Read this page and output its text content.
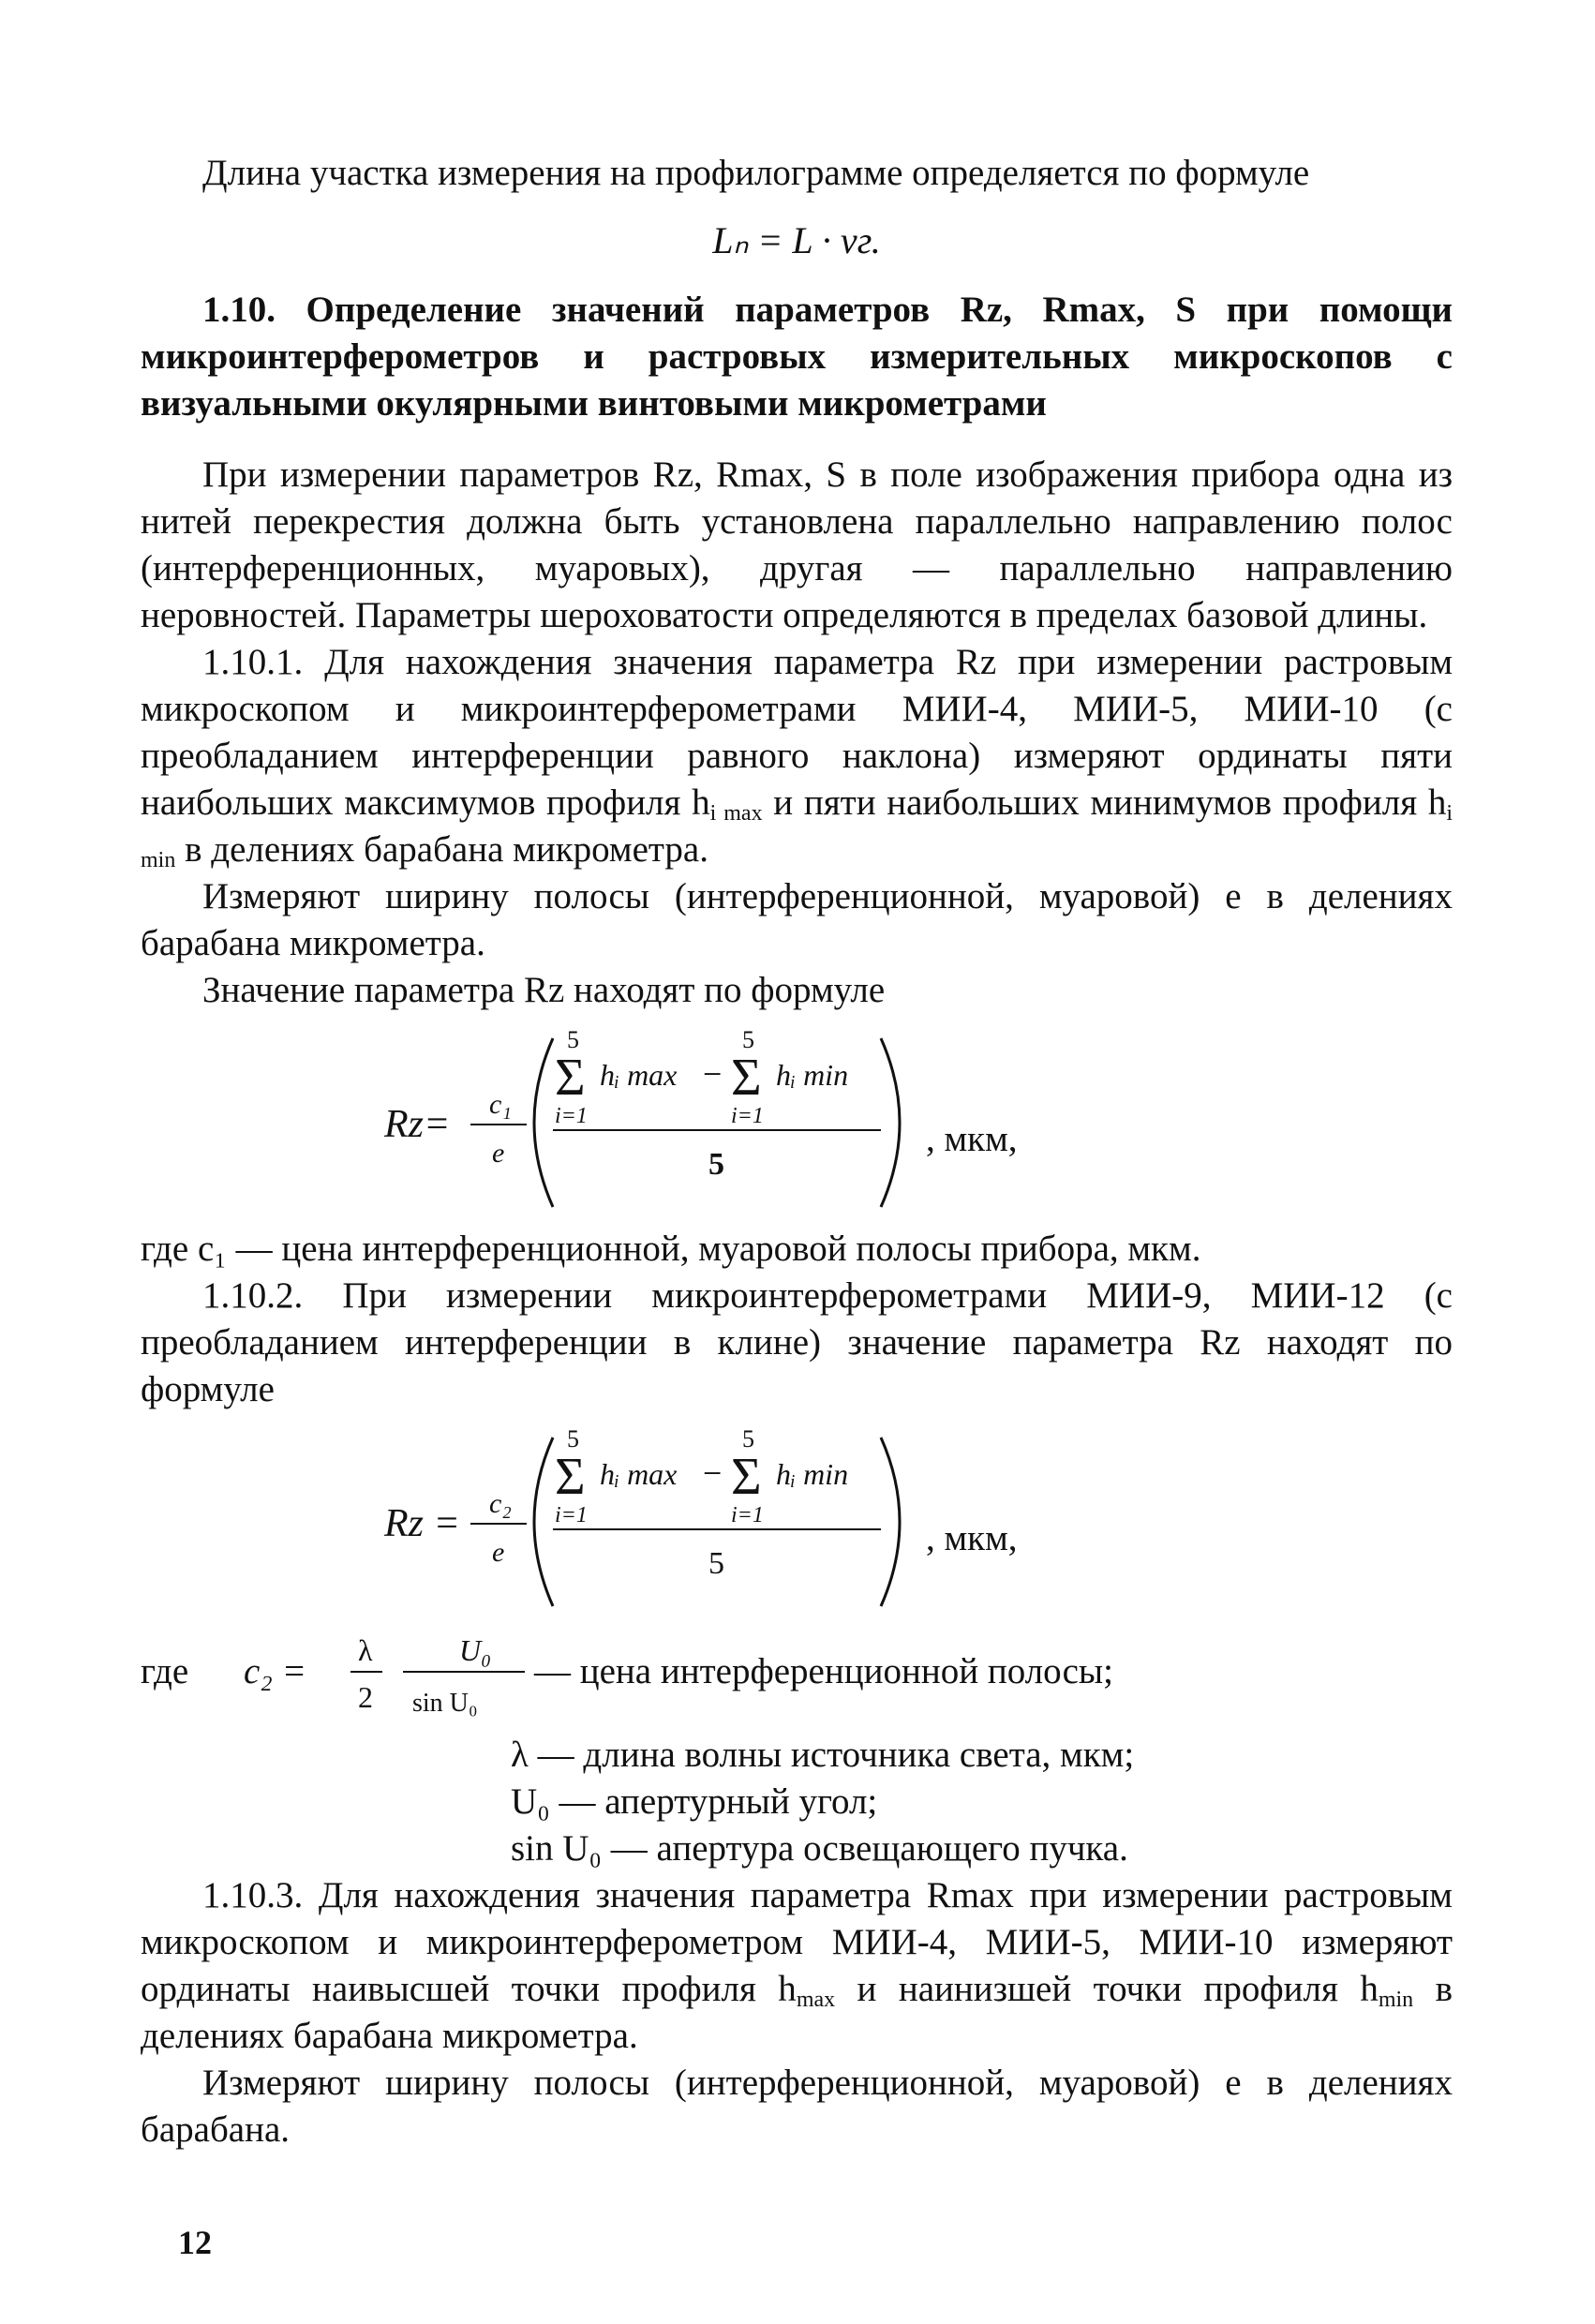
Длина участка измерения на профилограмме определяется по формуле

Lₙ = L · vг.

1.10. Определение значений параметров Rz, Rmax, S при помощи микроинтерферометров и растровых измерительных микроскопов с визуальными окулярными винтовыми микрометрами

При измерении параметров Rz, Rmax, S в поле изображения прибора одна из нитей перекрестия должна быть установлена параллельно направлению полос (интерференционных, муаровых), другая — параллельно направлению неровностей. Параметры шероховатости определяются в пределах базовой длины.

1.10.1. Для нахождения значения параметра Rz при измерении растровым микроскопом и микроинтерферометрами МИИ-4, МИИ-5, МИИ-10 (с преобладанием интерференции равного наклона) измеряют ординаты пяти наибольших максимумов профиля $h_{i max}$ и пяти наибольших минимумов профиля $h_{i min}$ в делениях барабана микрометра.

Измеряют ширину полосы (интерференционной, муаровой) e в делениях барабана микрометра.

Значение параметра Rz находят по формуле

Rz= c₁
e
5
Σ
i=1
hᵢ max −
5
Σ
i=1
hᵢ min
5
, мкм,

где c₁ — цена интерференционной, муаровой полосы прибора, мкм.

1.10.2. При измерении микроинтерферометрами МИИ-9, МИИ-12 (с преобладанием интерференции в клине) значение параметра Rz находят по формуле

Rz = c₂
e
5
Σ
i=1
hᵢ max −
5
Σ
i=1
hᵢ min
5
, мкм,
где c₂ =
λ
2
U₀
sin U₀
— цена интерференционной полосы;
λ — длина волны источника света, мкм;
U₀ — апертурный угол;
sin U₀ — апертура освещающего пучка.

1.10.3. Для нахождения значения параметра Rmax при измерении растровым микроскопом и микроинтерферометром МИИ-4, МИИ-5, МИИ-10 измеряют ординаты наивысшей точки профиля $h_{max}$ и наинизшей точки профиля $h_{min}$ в делениях барабана микрометра.

Измеряют ширину полосы (интерференционной, муаровой) e в делениях барабана.

12
